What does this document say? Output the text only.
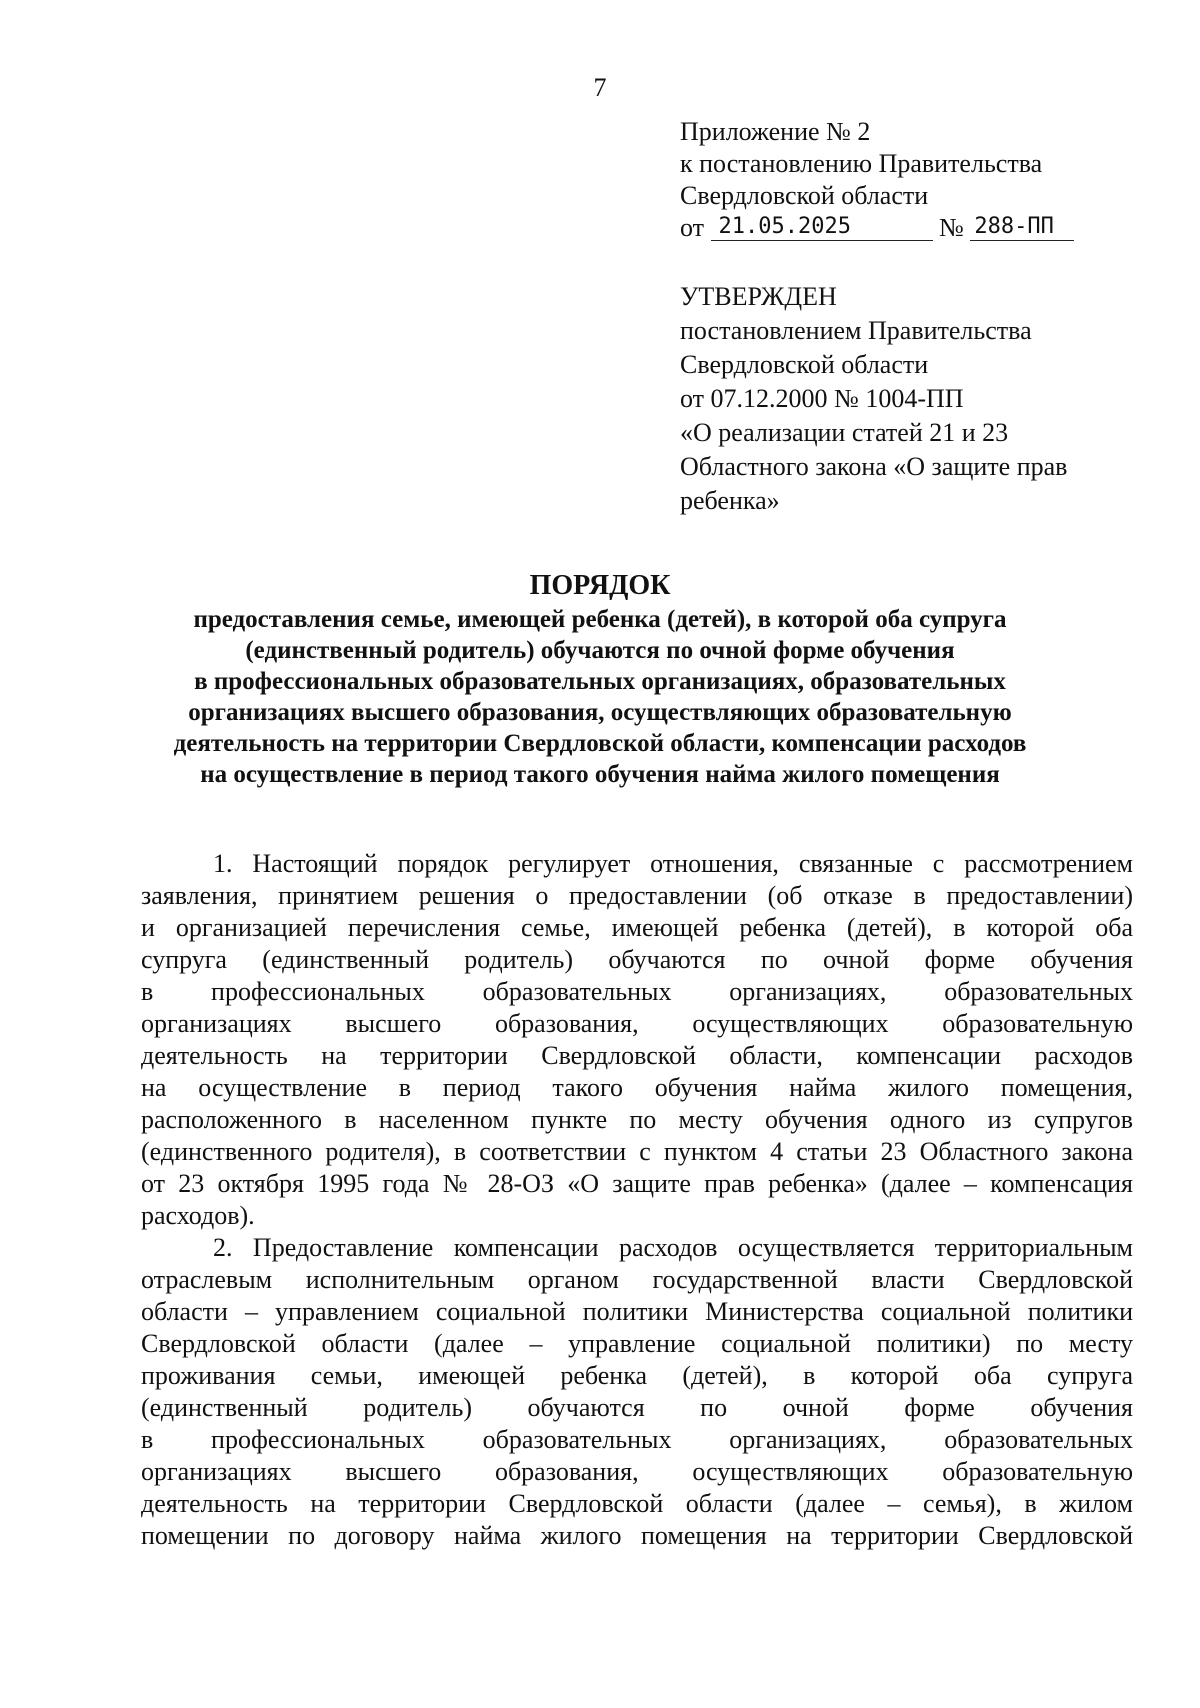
7
Приложение № 2
к постановлению Правительства
Свердловской области
от 21.05.2025	№ 288-ПП
УТВЕРЖДЕН
постановлением Правительства
Свердловской области
от 07.12.2000 № 1004-ПП
«О реализации статей 21 и 23
Областного закона «О защите прав
ребенка»
ПОРЯДОК
предоставления семье, имеющей ребенка (детей), в которой оба супруга
(единственный родитель) обучаются по очной форме обучения
в профессиональных образовательных организациях, образовательных
организациях высшего образования, осуществляющих образовательную
деятельность на территории Свердловской области, компенсации расходов
на осуществление в период такого обучения найма жилого помещения
1. Настоящий порядок регулирует отношения, связанные с рассмотрением
заявления, принятием решения о предоставлении (об отказе в предоставлении)
и организацией перечисления семье, имеющей ребенка (детей), в которой оба
супруга (единственный родитель) обучаются по очной форме обучения
в профессиональных образовательных организациях, образовательных
организациях высшего образования, осуществляющих образовательную
деятельность на территории Свердловской области, компенсации расходов
на осуществление в период такого обучения найма жилого помещения,
расположенного в населенном пункте по месту обучения одного из супругов
(единственного родителя), в соответствии с пунктом 4 статьи 23 Областного закона
от 23 октября 1995 года № 28-ОЗ «О защите прав ребенка» (далее – компенсация
расходов).
2. Предоставление компенсации расходов осуществляется территориальным
отраслевым исполнительным органом государственной власти Свердловской
области – управлением социальной политики Министерства социальной политики
Свердловской области (далее – управление социальной политики) по месту
проживания семьи, имеющей ребенка (детей), в которой оба супруга
(единственный родитель) обучаются по очной форме обучения
в профессиональных образовательных организациях, образовательных
организациях высшего образования, осуществляющих образовательную
деятельность на территории Свердловской области (далее – семья), в жилом
помещении по договору найма жилого помещения на территории Свердловской
